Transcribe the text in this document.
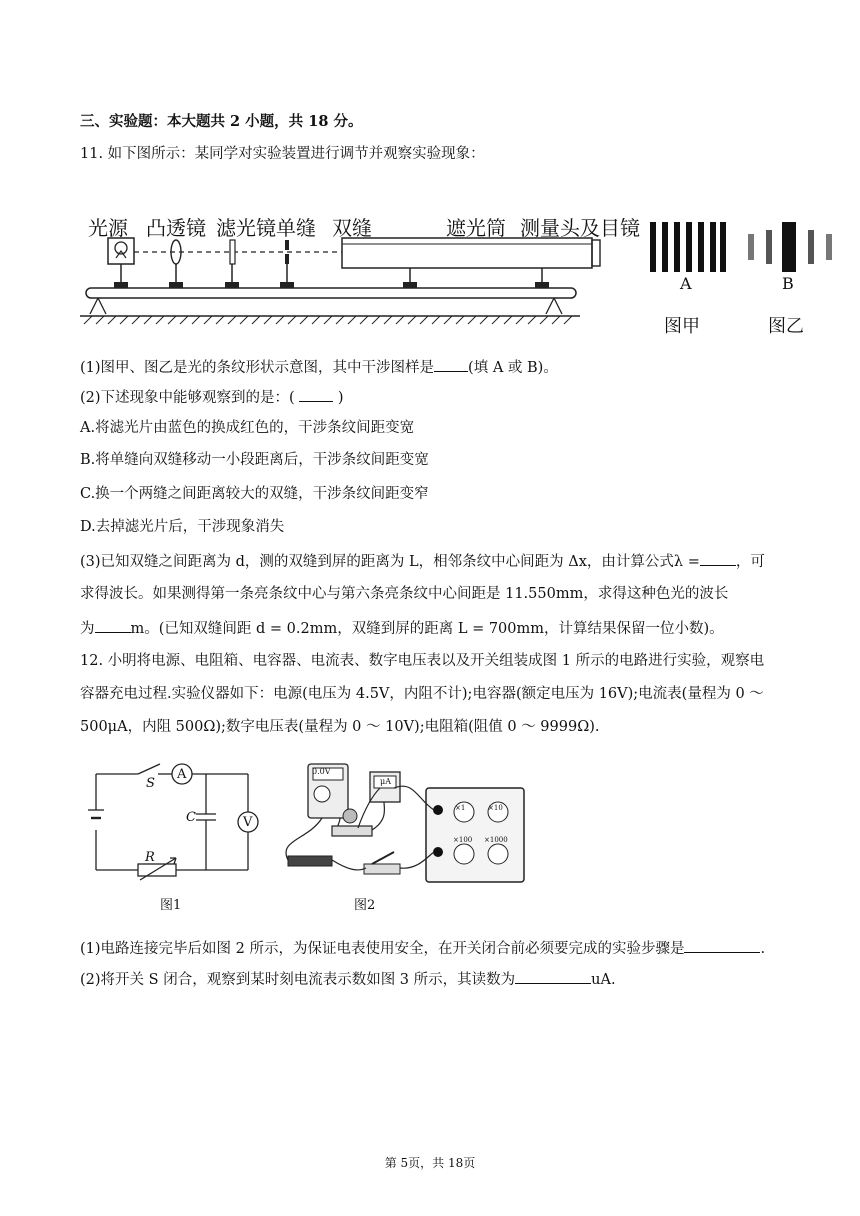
三、实验题：本大题共 2 小题，共 18 分。
11. 如下图所示：某同学对实验装置进行调节并观察实验现象：
光源 凸透镜 滤光镜 单缝 双缝	遮光筒 测量头及目镜
A	B
图甲	图乙
(1)图甲、图乙是光的条纹形状示意图，其中干涉图样是 (填 A 或 B)。
(2)下述现象中能够观察到的是：(	)
A.将滤光片由蓝色的换成红色的，干涉条纹间距变宽
B.将单缝向双缝移动一小段距离后，干涉条纹间距变宽
C.换一个两缝之间距离较大的双缝，干涉条纹间距变窄
D.去掉滤光片后，干涉现象消失
(3)已知双缝之间距离为 d，测的双缝到屏的距离为 L，相邻条纹中心间距为 Δx，由计算公式λ = ，可
求得波长。如果测得第一条亮条纹中心与第六条亮条纹中心间距是 11.550mm，求得这种色光的波长
为 m。(已知双缝间距 d = 0.2mm，双缝到屏的距离 L = 700mm，计算结果保留一位小数)。
12. 小明将电源、电阻箱、电容器、电流表、数字电压表以及开关组装成图 1 所示的电路进行实验，观察电
容器充电过程.实验仪器如下：电源(电压为 4.5V，内阻不计);电容器(额定电压为 16V);电流表(量程为 0 ～
500μA，内阻 500Ω);数字电压表(量程为 0 ～ 10V);电阻箱(阻值 0 ～ 9999Ω).
S
A
C	V
R
图1
0.0V
μA
×1	×10
×100 ×1000
图2
(1)电路连接完毕后如图 2 所示，为保证电表使用安全，在开关闭合前必须要完成的实验步骤是	.
(2)将开关 S 闭合，观察到某时刻电流表示数如图 3 所示，其读数为	uA.
第 5页，共 18页
